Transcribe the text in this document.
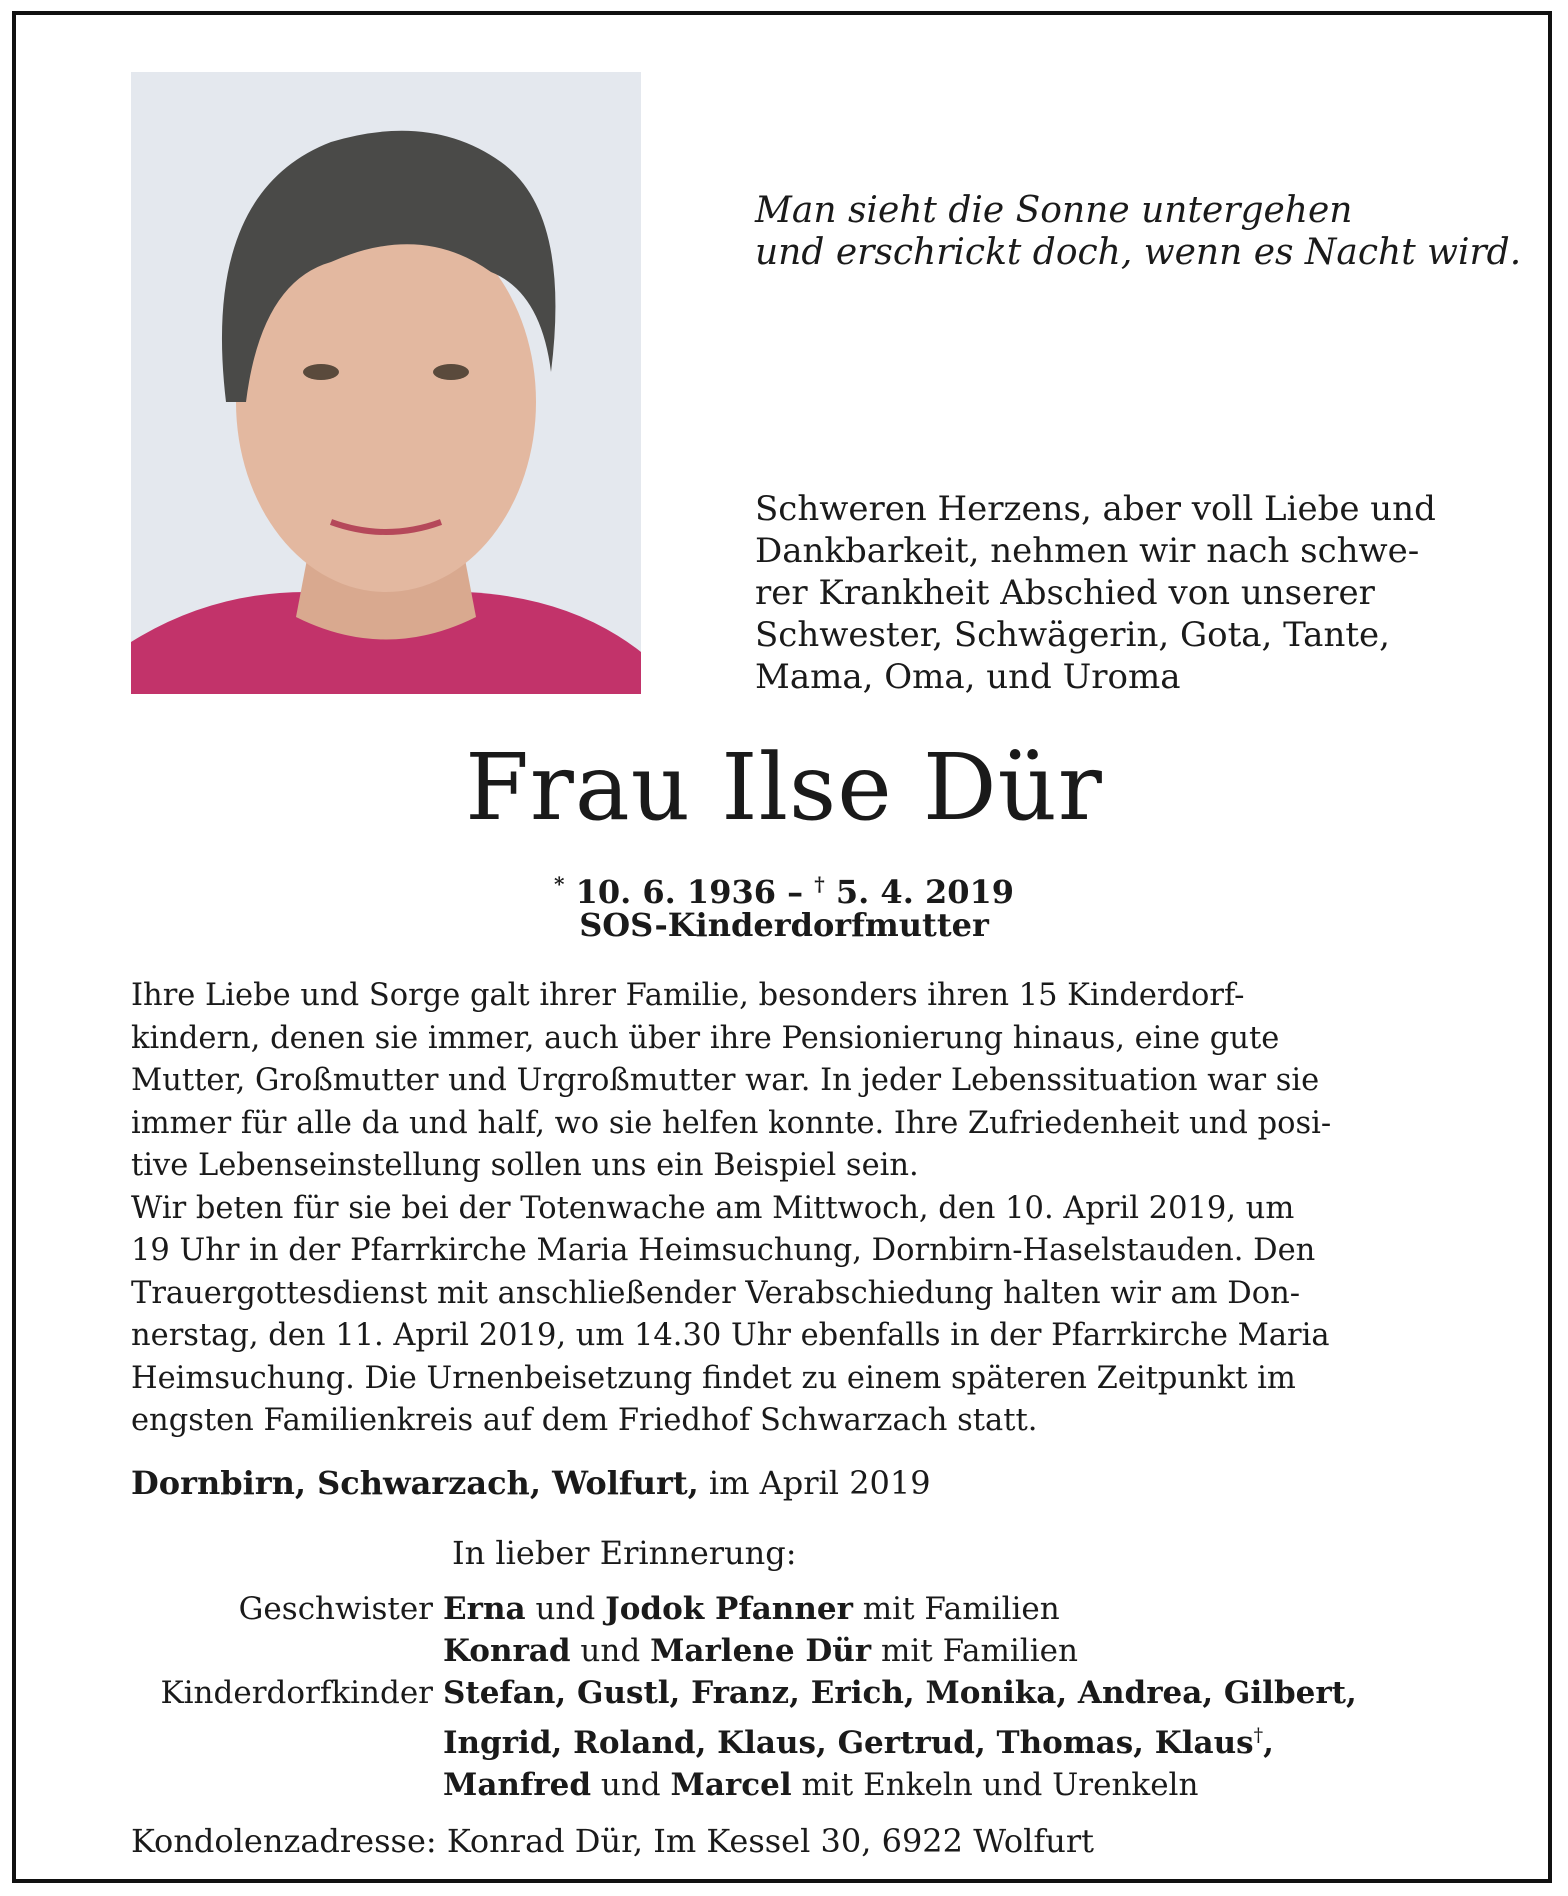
Man sieht die Sonne untergehen
und erschrickt doch, wenn es Nacht wird.
Schweren Herzens, aber voll Liebe und
Dankbarkeit, nehmen wir nach schwe-
rer Krankheit Abschied von unserer
Schwester, Schwägerin, Gota, Tante,
Mama, Oma, und Uroma
Frau Ilse Dür

* 10. 6. 1936 – † 5. 4. 2019

SOS-Kinderdorfmutter

Ihre Liebe und Sorge galt ihrer Familie, besonders ihren 15 Kinderdorf-
kindern, denen sie immer, auch über ihre Pensionierung hinaus, eine gute
Mutter, Großmutter und Urgroßmutter war. In jeder Lebenssituation war sie
immer für alle da und half, wo sie helfen konnte. Ihre Zufriedenheit und posi-
tive Lebenseinstellung sollen uns ein Beispiel sein.
Wir beten für sie bei der Totenwache am Mittwoch, den 10. April 2019, um
19 Uhr in der Pfarrkirche Maria Heimsuchung, Dornbirn-Haselstauden. Den
Trauergottesdienst mit anschließender Verabschiedung halten wir am Don-
nerstag, den 11. April 2019, um 14.30 Uhr ebenfalls in der Pfarrkirche Maria
Heimsuchung. Die Urnenbeisetzung findet zu einem späteren Zeitpunkt im
engsten Familienkreis auf dem Friedhof Schwarzach statt.

Dornbirn, Schwarzach, Wolfurt, im April 2019

In lieber Erinnerung:

Geschwister Erna und Jodok Pfanner mit Familien
Konrad und Marlene Dür mit Familien
Kinderdorfkinder Stefan, Gustl, Franz, Erich, Monika, Andrea, Gilbert,
Ingrid, Roland, Klaus, Gertrud, Thomas, Klaus†,
Manfred und Marcel mit Enkeln und Urenkeln

Kondolenzadresse: Konrad Dür, Im Kessel 30, 6922 Wolfurt
